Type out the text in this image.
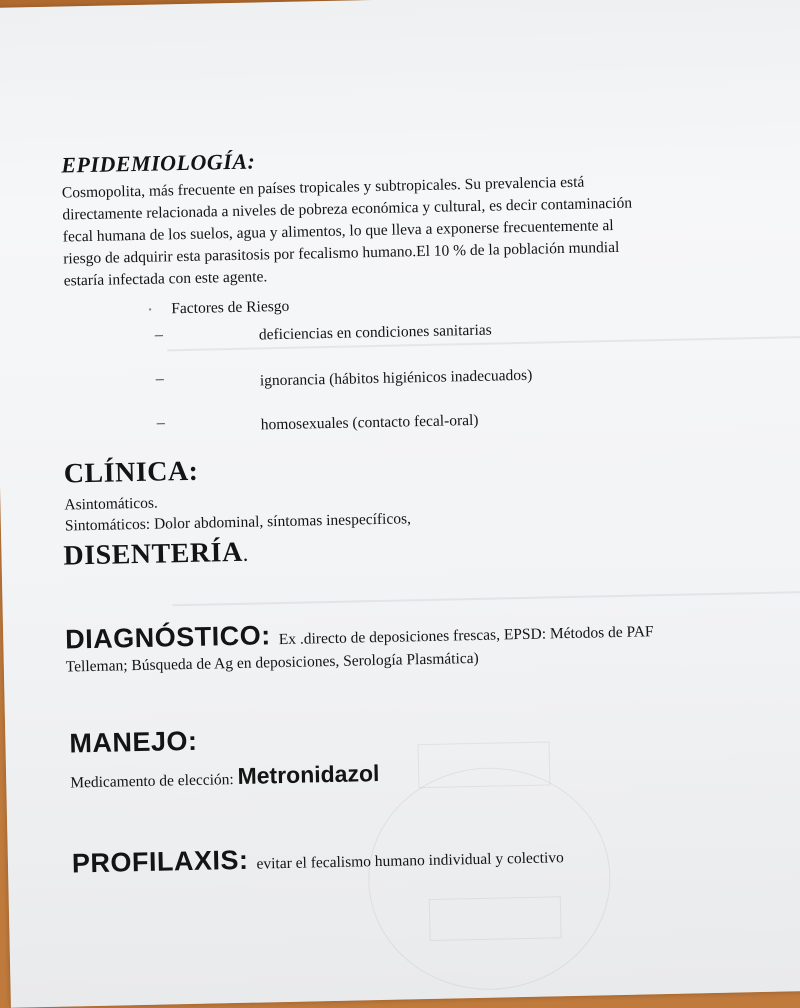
EPIDEMIOLOGÍA:
Cosmopolita, más frecuente en países tropicales y subtropicales. Su prevalencia está
directamente relacionada a niveles de pobreza económica y cultural, es decir contaminación
fecal humana de los suelos, agua y alimentos, lo que lleva a exponerse frecuentemente al
riesgo de adquirir esta parasitosis por fecalismo humano.El 10 % de la población mundial
estaría infectada con este agente.
• Factores de Riesgo
–	deficiencias en condiciones sanitarias
–	ignorancia (hábitos higiénicos inadecuados)
–	homosexuales (contacto fecal-oral)
CLÍNICA:
Asintomáticos.
Sintomáticos: Dolor abdominal, síntomas inespecíficos,
DISENTERÍA.
DIAGNÓSTICO: Ex .directo de deposiciones frescas, EPSD: Métodos de PAF
Telleman; Búsqueda de Ag en deposiciones, Serología Plasmática)
MANEJO:
Medicamento de elección: Metronidazol
PROFILAXIS: evitar el fecalismo humano individual y colectivo
